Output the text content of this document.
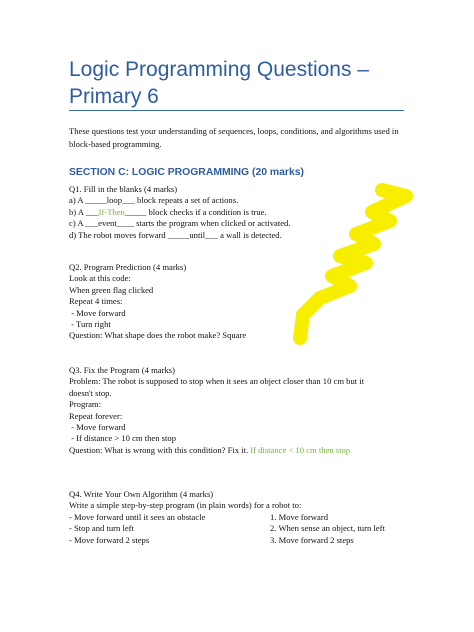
Logic Programming Questions – Primary 6

These questions test your understanding of sequences, loops, conditions, and algorithms used in block-based programming.

SECTION C: LOGIC PROGRAMMING (20 marks)
Q1. Fill in the blanks (4 marks)
a) A _____loop___ block repeats a set of actions.
b) A ___If-Then_____ block checks if a condition is true.
c) A ___event____ starts the program when clicked or activated.
d) The robot moves forward _____until___ a wall is detected.
Q2. Program Prediction (4 marks)
Look at this code:
When green flag clicked
Repeat 4 times:
- Move forward
- Turn right
Question: What shape does the robot make? Square
Q3. Fix the Program (4 marks)
Problem: The robot is supposed to stop when it sees an object closer than 10 cm but it
doesn't stop.
Program:
Repeat forever:
- Move forward
- If distance > 10 cm then stop
Question: What is wrong with this condition? Fix it. If distance < 10 cm then stop
Q4. Write Your Own Algorithm (4 marks)
Write a simple step-by-step program (in plain words) for a robot to:
- Move forward until it sees an obstacle	1. Move forward
- Stop and turn left	2. When sense an object, turn left
- Move forward 2 steps	3. Move forward 2 steps
